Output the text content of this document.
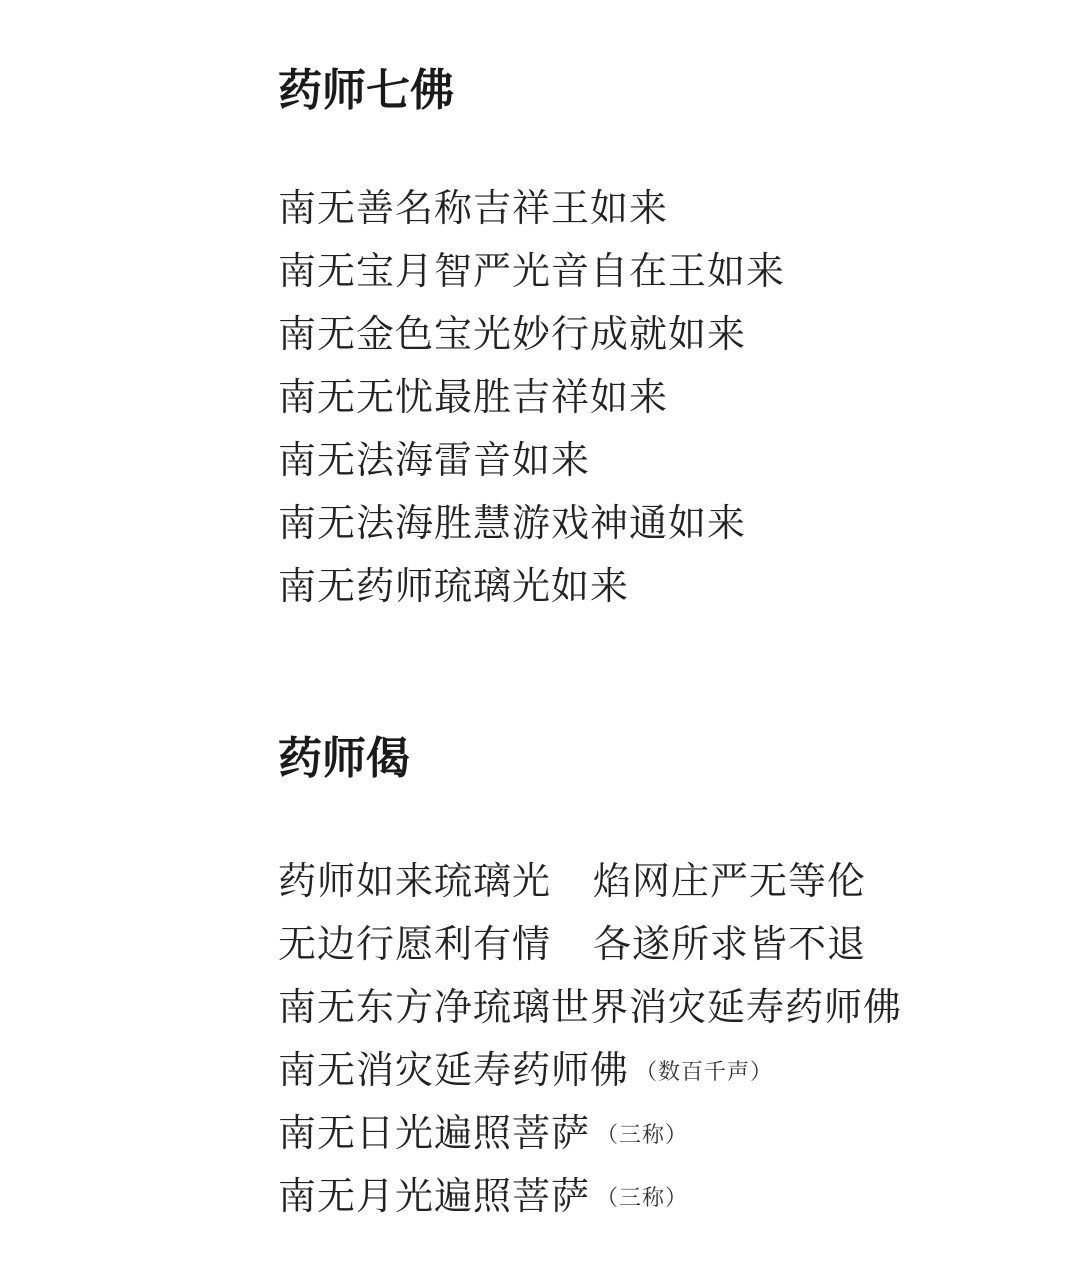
药师七佛
南无善名称吉祥王如来
南无宝月智严光音自在王如来
南无金色宝光妙行成就如来
南无无忧最胜吉祥如来
南无法海雷音如来
南无法海胜慧游戏神通如来
南无药师琉璃光如来
药师偈
药师如来琉璃光 焰网庄严无等伦
无边行愿利有情 各遂所求皆不退
南无东方净琉璃世界消灾延寿药师佛
南无消灾延寿药师佛 （数百千声）
南无日光遍照菩萨 （三称）
南无月光遍照菩萨 （三称）
